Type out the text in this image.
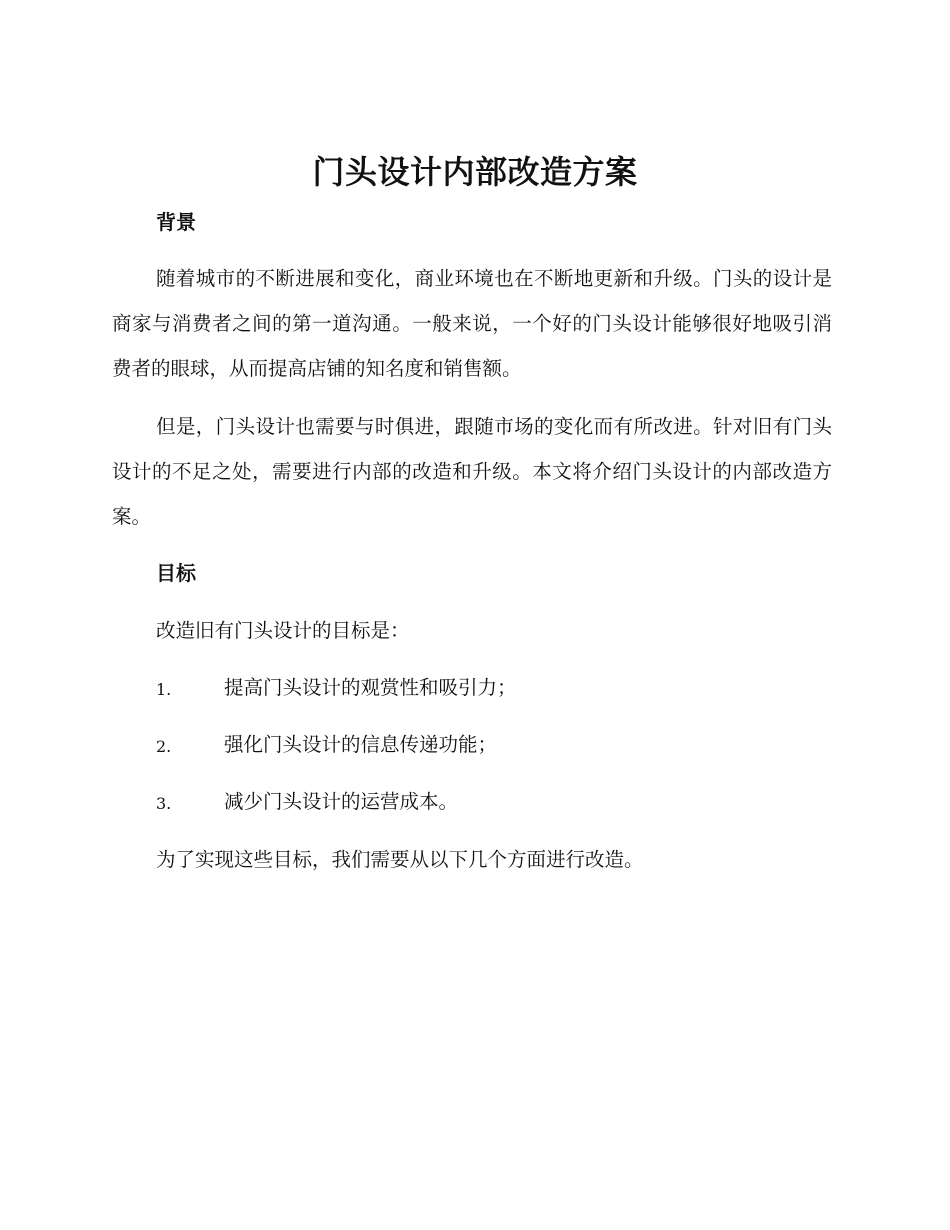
门头设计内部改造方案
背景

随着城市的不断进展和变化，商业环境也在不断地更新和升级。门头的设计是商家与消费者之间的第一道沟通。一般来说，一个好的门头设计能够很好地吸引消费者的眼球，从而提高店铺的知名度和销售额。

但是，门头设计也需要与时俱进，跟随市场的变化而有所改进。针对旧有门头设计的不足之处，需要进行内部的改造和升级。本文将介绍门头设计的内部改造方案。

目标

改造旧有门头设计的目标是：

1.	提高门头设计的观赏性和吸引力；
2.	强化门头设计的信息传递功能；
3.	减少门头设计的运营成本。

为了实现这些目标，我们需要从以下几个方面进行改造。
